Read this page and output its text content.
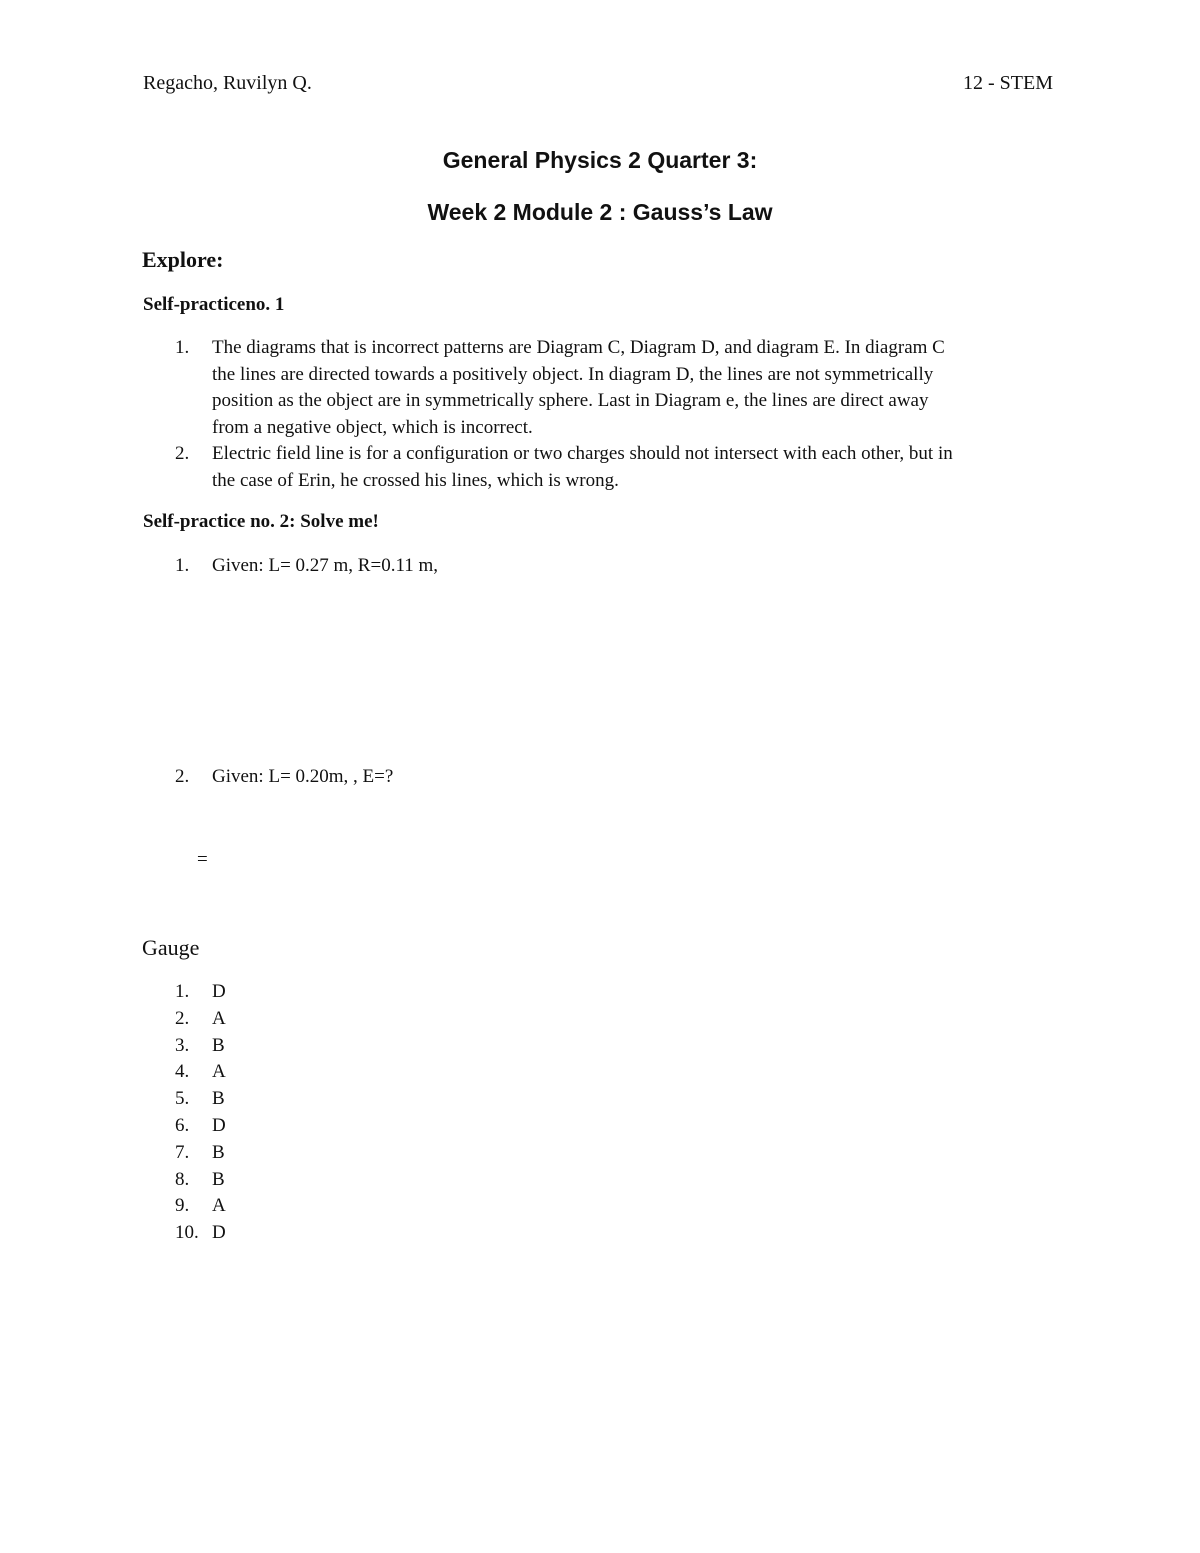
Regacho, Ruvilyn Q.	12 - STEM
General Physics 2 Quarter 3:
Week 2 Module 2 : Gauss’s Law
Explore:
Self-practiceno. 1
1. The diagrams that is incorrect patterns are Diagram C, Diagram D, and diagram E. In diagram C
the lines are directed towards a positively object. In diagram D, the lines are not symmetrically
position as the object are in symmetrically sphere. Last in Diagram e, the lines are direct away
from a negative object, which is incorrect.
2. Electric field line is for a configuration or two charges should not intersect with each other, but in
the case of Erin, he crossed his lines, which is wrong.
Self-practice no. 2: Solve me!
1. Given: L= 0.27 m, R=0.11 m,
2. Given: L= 0.20m, , E=?
=
Gauge
1. D
2. A
3. B
4. A
5. B
6. D
7. B
8. B
9. A
10. D
